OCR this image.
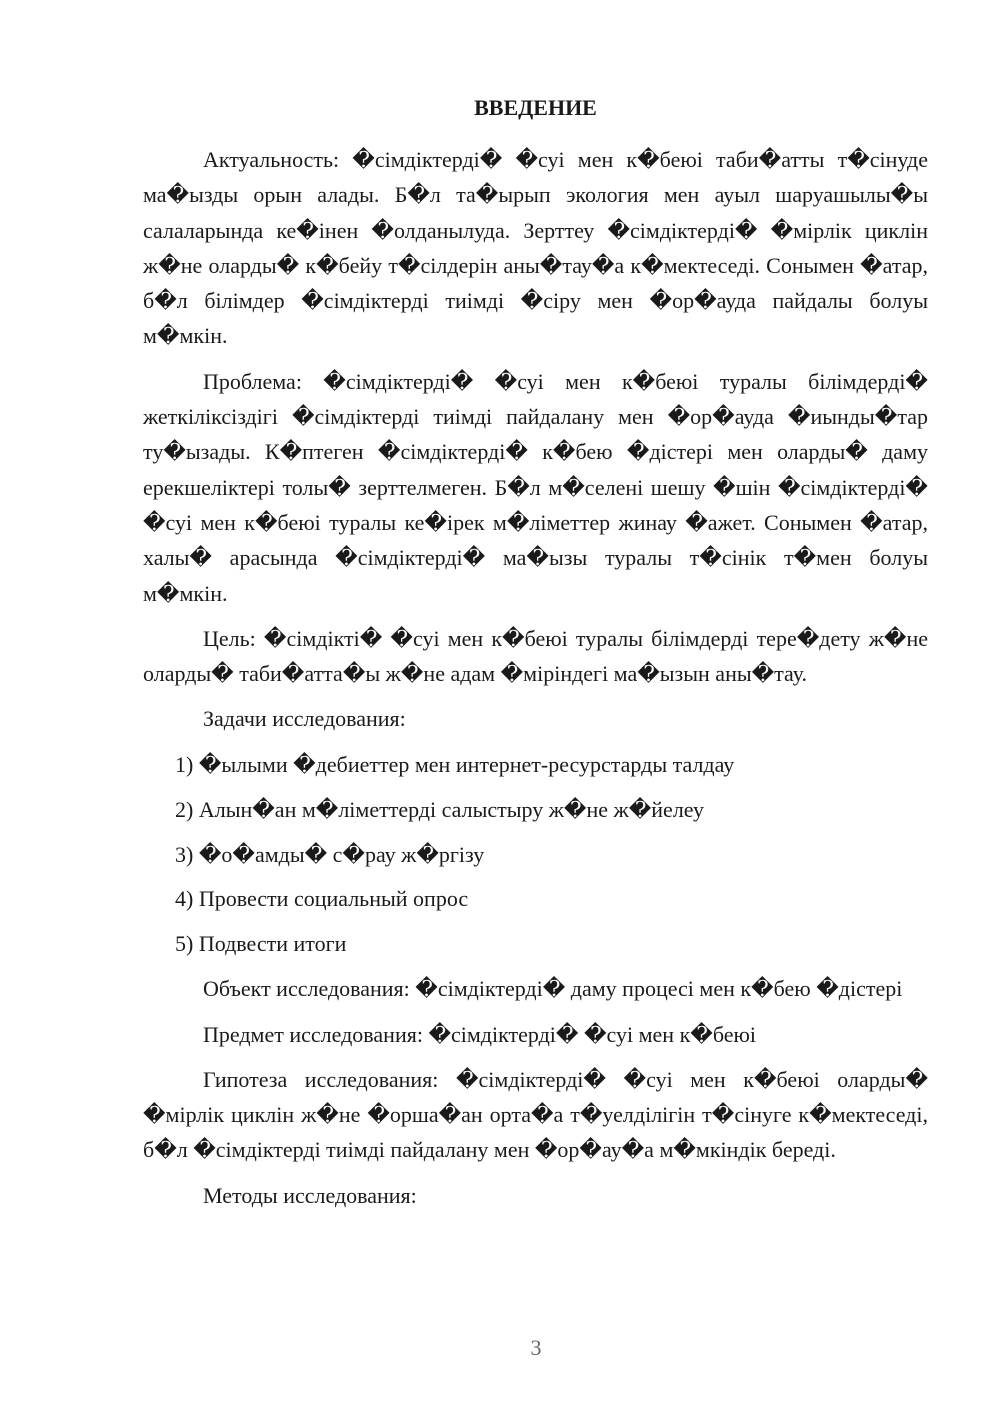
ВВЕДЕНИЕ

Актуальность: �сімдіктерді� �суі мен к�беюі таби�атты т�сінуде ма�ызды орын алады. Б�л та�ырып экология мен ауыл шаруашылы�ы салаларында ке�інен �олданылуда. Зерттеу �сімдіктерді� �мірлік циклін ж�не оларды� к�бейу т�сілдерін аны�тау�а к�мектеседі. Сонымен �атар, б�л білімдер �сімдіктерді тиімді �сіру мен �ор�ауда пайдалы болуы м�мкін.

Проблема: �сімдіктерді� �суі мен к�беюі туралы білімдерді� жеткіліксіздігі �сімдіктерді тиімді пайдалану мен �ор�ауда �иынды�тар ту�ызады. К�птеген �сімдіктерді� к�бею �дістері мен оларды� даму ерекшеліктері толы� зерттелмеген. Б�л м�селені шешу �шін �сімдіктерді� �суі мен к�беюі туралы ке�ірек м�ліметтер жинау �ажет. Сонымен �атар, халы� арасында �сімдіктерді� ма�ызы туралы т�сінік т�мен болуы м�мкін.

Цель: �сімдікті� �суі мен к�беюі туралы білімдерді тере�дету ж�не оларды� таби�атта�ы ж�не адам �міріндегі ма�ызын аны�тау.

Задачи исследования:

1) �ылыми �дебиеттер мен интернет-ресурстарды талдау

2) Алын�ан м�ліметтерді салыстыру ж�не ж�йелеу

3) �о�амды� с�рау ж�ргізу

4) Провести социальный опрос

5) Подвести итоги

Объект исследования: �сімдіктерді� даму процесі мен к�бею �дістері

Предмет исследования: �сімдіктерді� �суі мен к�беюі

Гипотеза исследования: �сімдіктерді� �суі мен к�беюі оларды� �мірлік циклін ж�не �орша�ан орта�а т�уелділігін т�сінуге к�мектеседі, б�л �сімдіктерді тиімді пайдалану мен �ор�ау�а м�мкіндік береді.

Методы исследования:

3
